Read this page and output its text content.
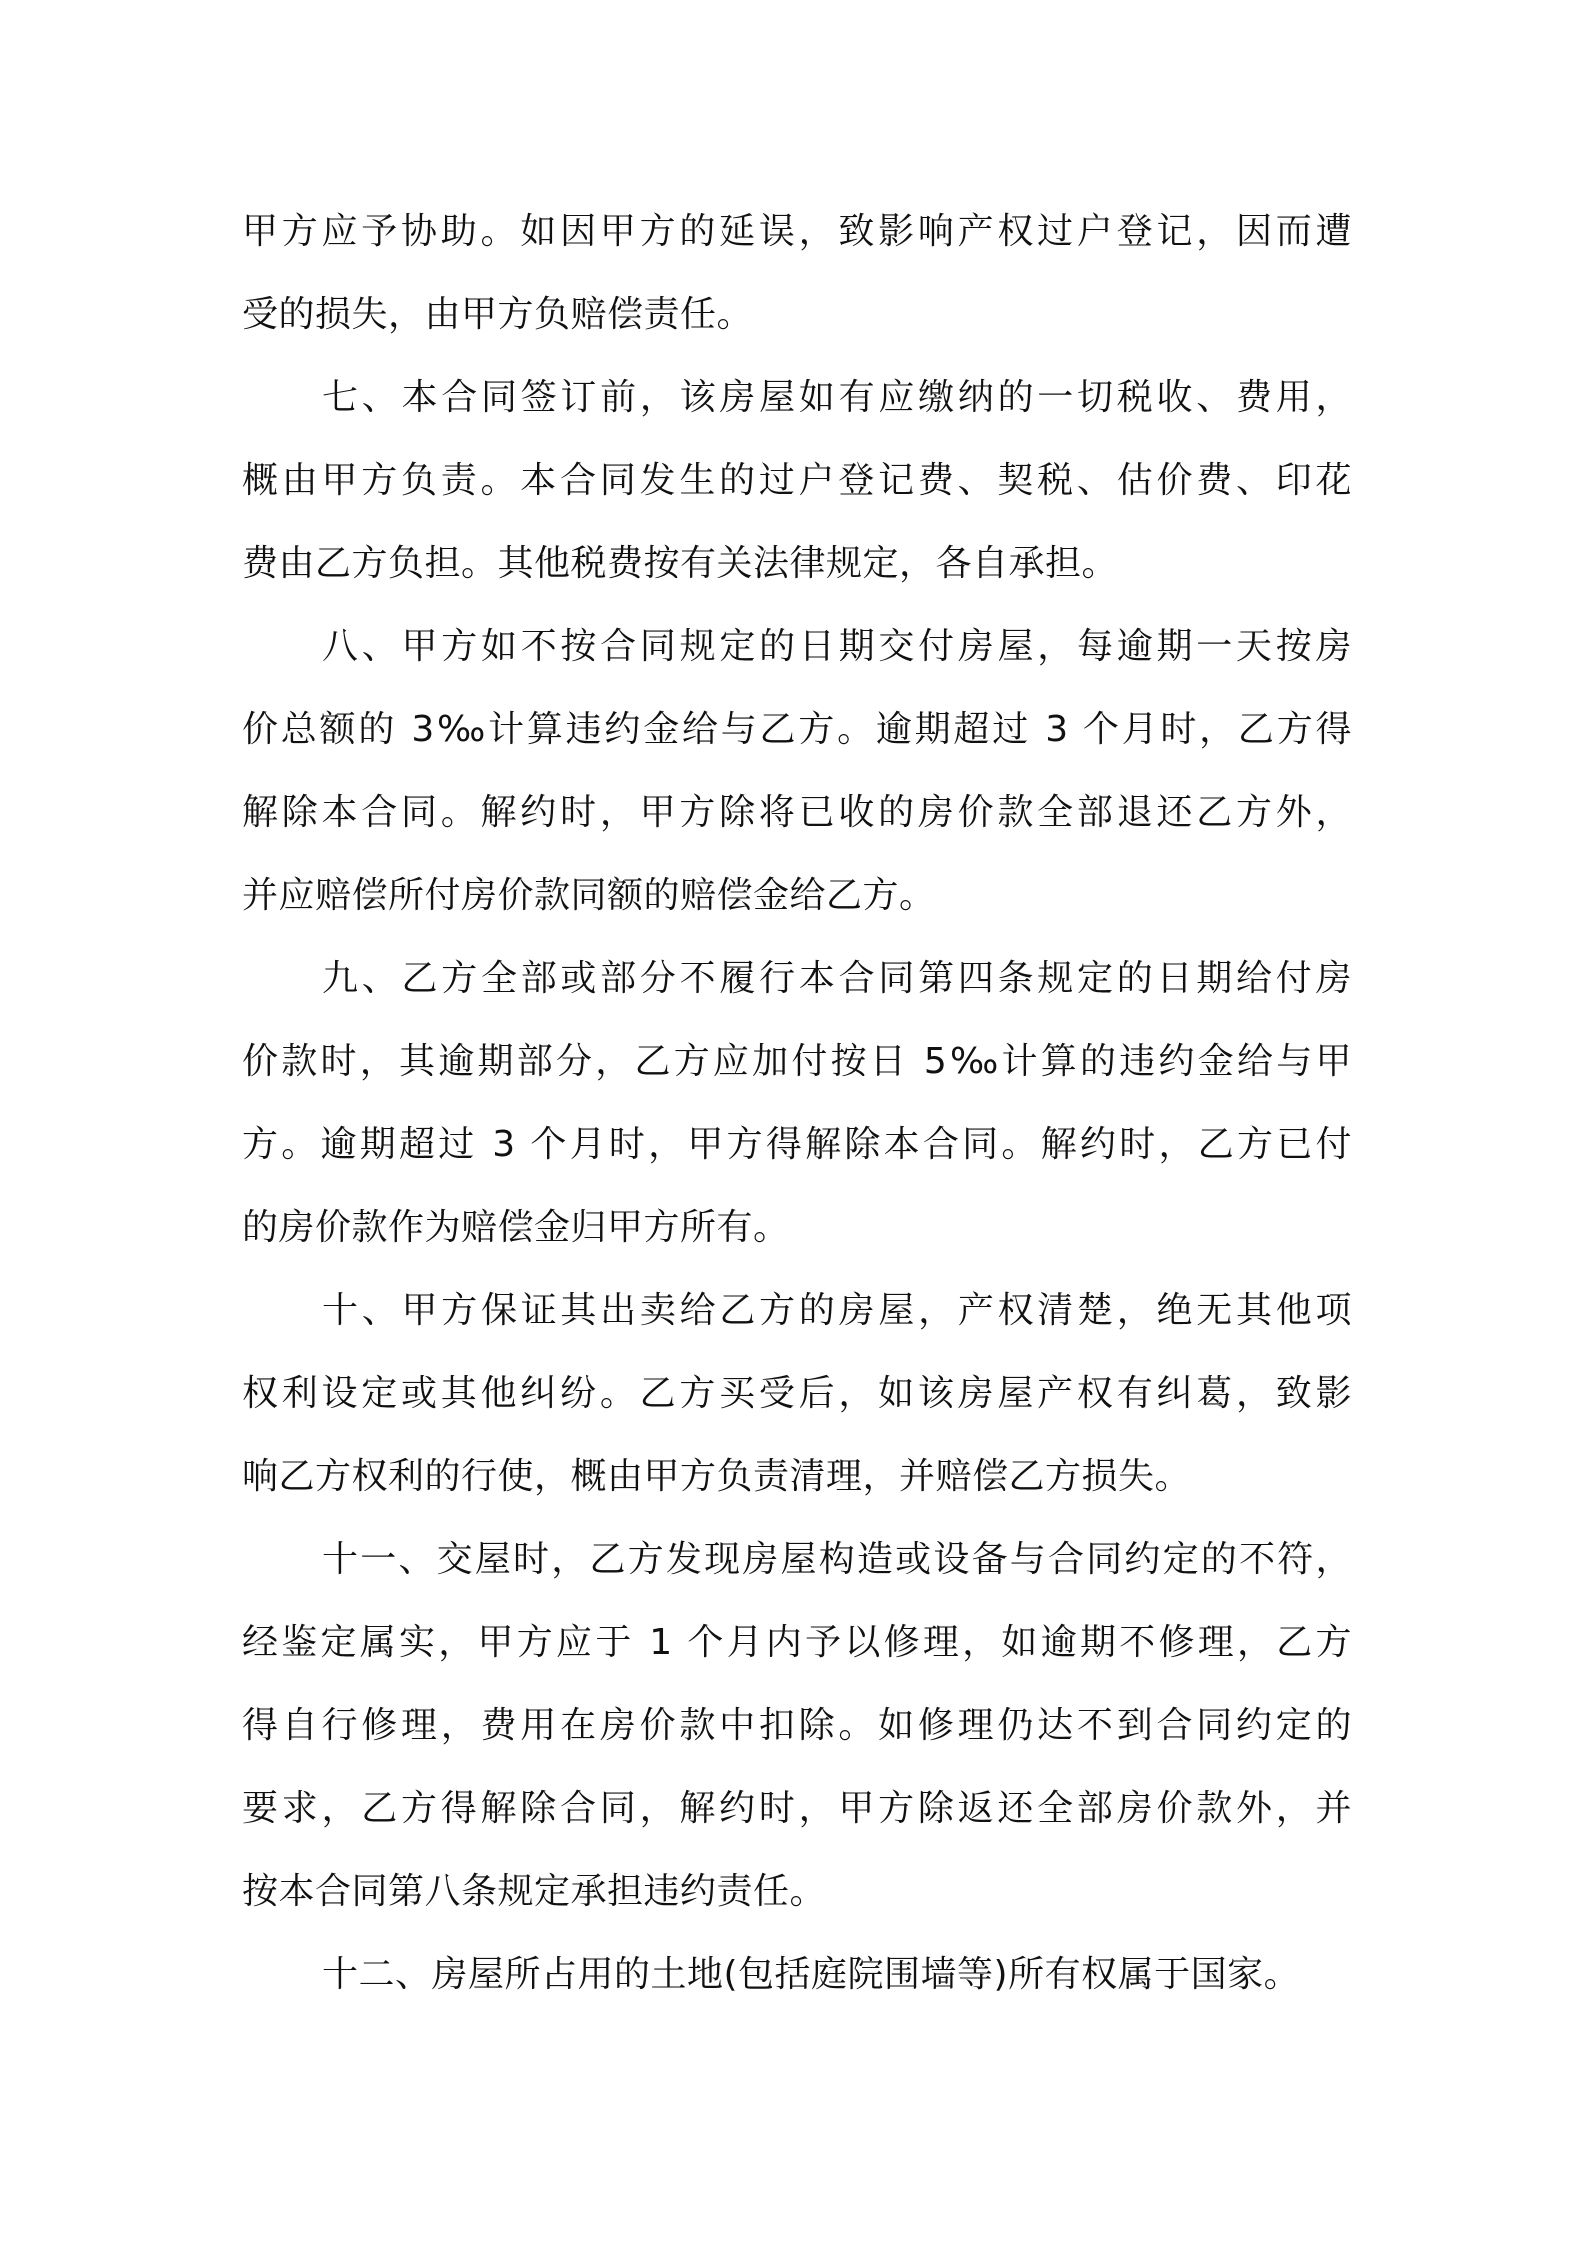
甲方应予协助。如因甲方的延误，致影响产权过户登记，因而遭
受的损失，由甲方负赔偿责任。
七、本合同签订前，该房屋如有应缴纳的一切税收、费用，
概由甲方负责。本合同发生的过户登记费、契税、估价费、印花
费由乙方负担。其他税费按有关法律规定，各自承担。
八、甲方如不按合同规定的日期交付房屋，每逾期一天按房
价总额的 3‰计算违约金给与乙方。逾期超过 3 个月时，乙方得
解除本合同。解约时，甲方除将已收的房价款全部退还乙方外，
并应赔偿所付房价款同额的赔偿金给乙方。
九、乙方全部或部分不履行本合同第四条规定的日期给付房
价款时，其逾期部分，乙方应加付按日 5‰计算的违约金给与甲
方。逾期超过 3 个月时，甲方得解除本合同。解约时，乙方已付
的房价款作为赔偿金归甲方所有。
十、甲方保证其出卖给乙方的房屋，产权清楚，绝无其他项
权利设定或其他纠纷。乙方买受后，如该房屋产权有纠葛，致影
响乙方权利的行使，概由甲方负责清理，并赔偿乙方损失。
十一、交屋时，乙方发现房屋构造或设备与合同约定的不符，
经鉴定属实，甲方应于 1 个月内予以修理，如逾期不修理，乙方
得自行修理，费用在房价款中扣除。如修理仍达不到合同约定的
要求，乙方得解除合同，解约时，甲方除返还全部房价款外，并
按本合同第八条规定承担违约责任。
十二、房屋所占用的土地(包括庭院围墙等)所有权属于国家。
